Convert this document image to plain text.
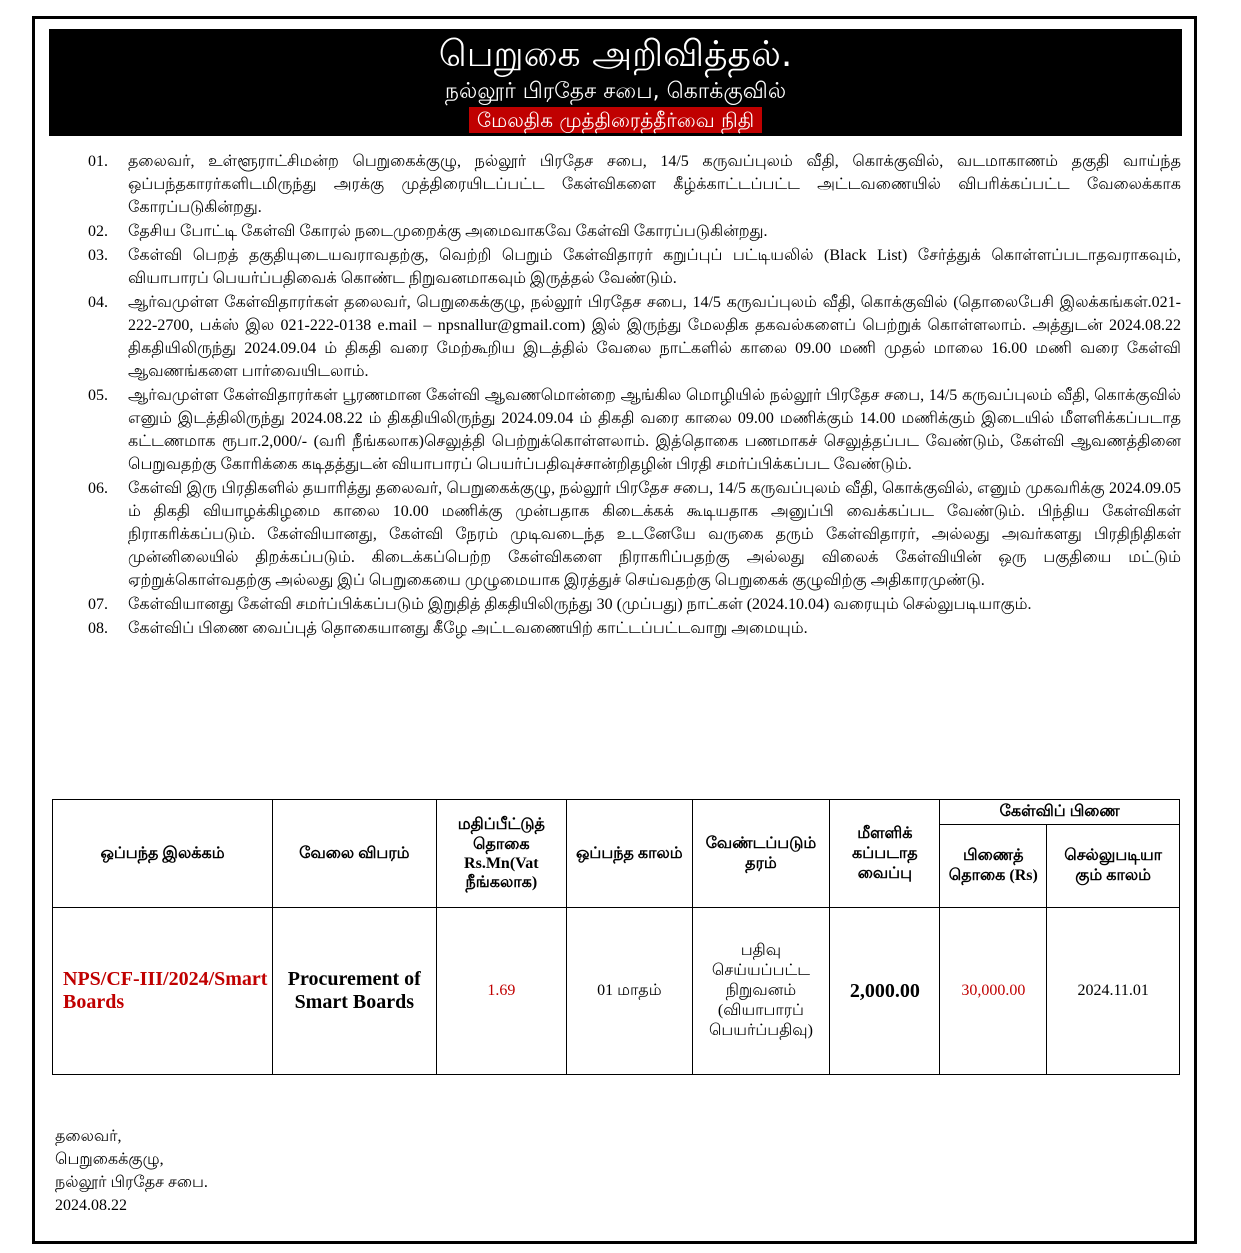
பெறுகை அறிவித்தல்.
நல்லூர் பிரதேச சபை, கொக்குவில்
மேலதிக முத்திரைத்தீர்வை நிதி
01.	தலைவர், உள்ளூராட்சிமன்ற பெறுகைக்குழு, நல்லூர் பிரதேச சபை, 14/5 கருவப்புலம் வீதி, கொக்குவில், வடமாகாணம் தகுதி வாய்ந்த ஒப்பந்தகாரர்களிடமிருந்து அரக்கு முத்திரையிடப்பட்ட கேள்விகளை கீழ்க்காட்டப்பட்ட அட்டவணையில் விபரிக்கப்பட்ட வேலைக்காக கோரப்படுகின்றது.
02.	தேசிய போட்டி கேள்வி கோரல் நடைமுறைக்கு அமைவாகவே கேள்வி கோரப்படுகின்றது.
03.	கேள்வி பெறத் தகுதியுடையவராவதற்கு, வெற்றி பெறும் கேள்விதாரர் கறுப்புப் பட்டியலில் (Black List) சேர்த்துக் கொள்ளப்படாதவராகவும், வியாபாரப் பெயர்ப்பதிவைக் கொண்ட நிறுவனமாகவும் இருத்தல் வேண்டும்.
04.	ஆர்வமுள்ள கேள்விதாரர்கள் தலைவர், பெறுகைக்குழு, நல்லூர் பிரதேச சபை, 14/5 கருவப்புலம் வீதி, கொக்குவில் (தொலைபேசி இலக்கங்கள்.021-222-2700, பக்ஸ் இல 021-222-0138 e.mail – npsnallur@gmail.com) இல் இருந்து மேலதிக தகவல்களைப் பெற்றுக் கொள்ளலாம். அத்துடன் 2024.08.22 திகதியிலிருந்து 2024.09.04 ம் திகதி வரை மேற்கூறிய இடத்தில் வேலை நாட்களில் காலை 09.00 மணி முதல் மாலை 16.00 மணி வரை கேள்வி ஆவணங்களை பார்வையிடலாம்.
05.	ஆர்வமுள்ள கேள்விதாரர்கள் பூரணமான கேள்வி ஆவணமொன்றை ஆங்கில மொழியில் நல்லூர் பிரதேச சபை, 14/5 கருவப்புலம் வீதி, கொக்குவில் எனும் இடத்திலிருந்து 2024.08.22 ம் திகதியிலிருந்து 2024.09.04 ம் திகதி வரை காலை 09.00 மணிக்கும் 14.00 மணிக்கும் இடையில் மீளளிக்கப்படாத கட்டணமாக ரூபா.2,000/- (வரி நீங்கலாக)செலுத்தி பெற்றுக்கொள்ளலாம். இத்தொகை பணமாகச் செலுத்தப்பட வேண்டும், கேள்வி ஆவணத்தினை பெறுவதற்கு கோரிக்கை கடிதத்துடன் வியாபாரப் பெயர்ப்பதிவுச்சான்றிதழின் பிரதி சமர்ப்பிக்கப்பட வேண்டும்.
06.	கேள்வி இரு பிரதிகளில் தயாரித்து தலைவர், பெறுகைக்குழு, நல்லூர் பிரதேச சபை, 14/5 கருவப்புலம் வீதி, கொக்குவில், எனும் முகவரிக்கு 2024.09.05 ம் திகதி வியாழக்கிழமை காலை 10.00 மணிக்கு முன்பதாக கிடைக்கக் கூடியதாக அனுப்பி வைக்கப்பட வேண்டும். பிந்திய கேள்விகள் நிராகரிக்கப்படும். கேள்வியானது, கேள்வி நேரம் முடிவடைந்த உடனேயே வருகை தரும் கேள்விதாரர், அல்லது அவர்களது பிரதிநிதிகள் முன்னிலையில் திறக்கப்படும். கிடைக்கப்பெற்ற கேள்விகளை நிராகரிப்பதற்கு அல்லது விலைக் கேள்வியின் ஒரு பகுதியை மட்டும் ஏற்றுக்கொள்வதற்கு அல்லது இப் பெறுகையை முழுமையாக இரத்துச் செய்வதற்கு பெறுகைக் குழுவிற்கு அதிகாரமுண்டு.
07.	கேள்வியானது கேள்வி சமர்ப்பிக்கப்படும் இறுதித் திகதியிலிருந்து 30 (முப்பது) நாட்கள் (2024.10.04) வரையும் செல்லுபடியாகும்.
08.	கேள்விப் பிணை வைப்புத் தொகையானது கீழே அட்டவணையிற் காட்டப்பட்டவாறு அமையும்.
ஒப்பந்த இலக்கம்	வேலை விபரம்	மதிப்பீட்டுத் தொகை Rs.Mn(Vat நீங்கலாக)	ஒப்பந்த காலம்	வேண்டப்படும் தரம்	மீளளிக் கப்படாத வைப்பு	கேள்விப் பிணை	
						பிணைத் தொகை (Rs)	செல்லுபடியா கும் காலம்
NPS/CF-III/2024/Smart Boards	Procurement of Smart Boards	1.69	01 மாதம்	பதிவு செய்யப்பட்ட நிறுவனம் (வியாபாரப் பெயர்ப்பதிவு)	2,000.00	30,000.00	2024.11.01
தலைவர்,
பெறுகைக்குழு,
நல்லூர் பிரதேச சபை.
2024.08.22
